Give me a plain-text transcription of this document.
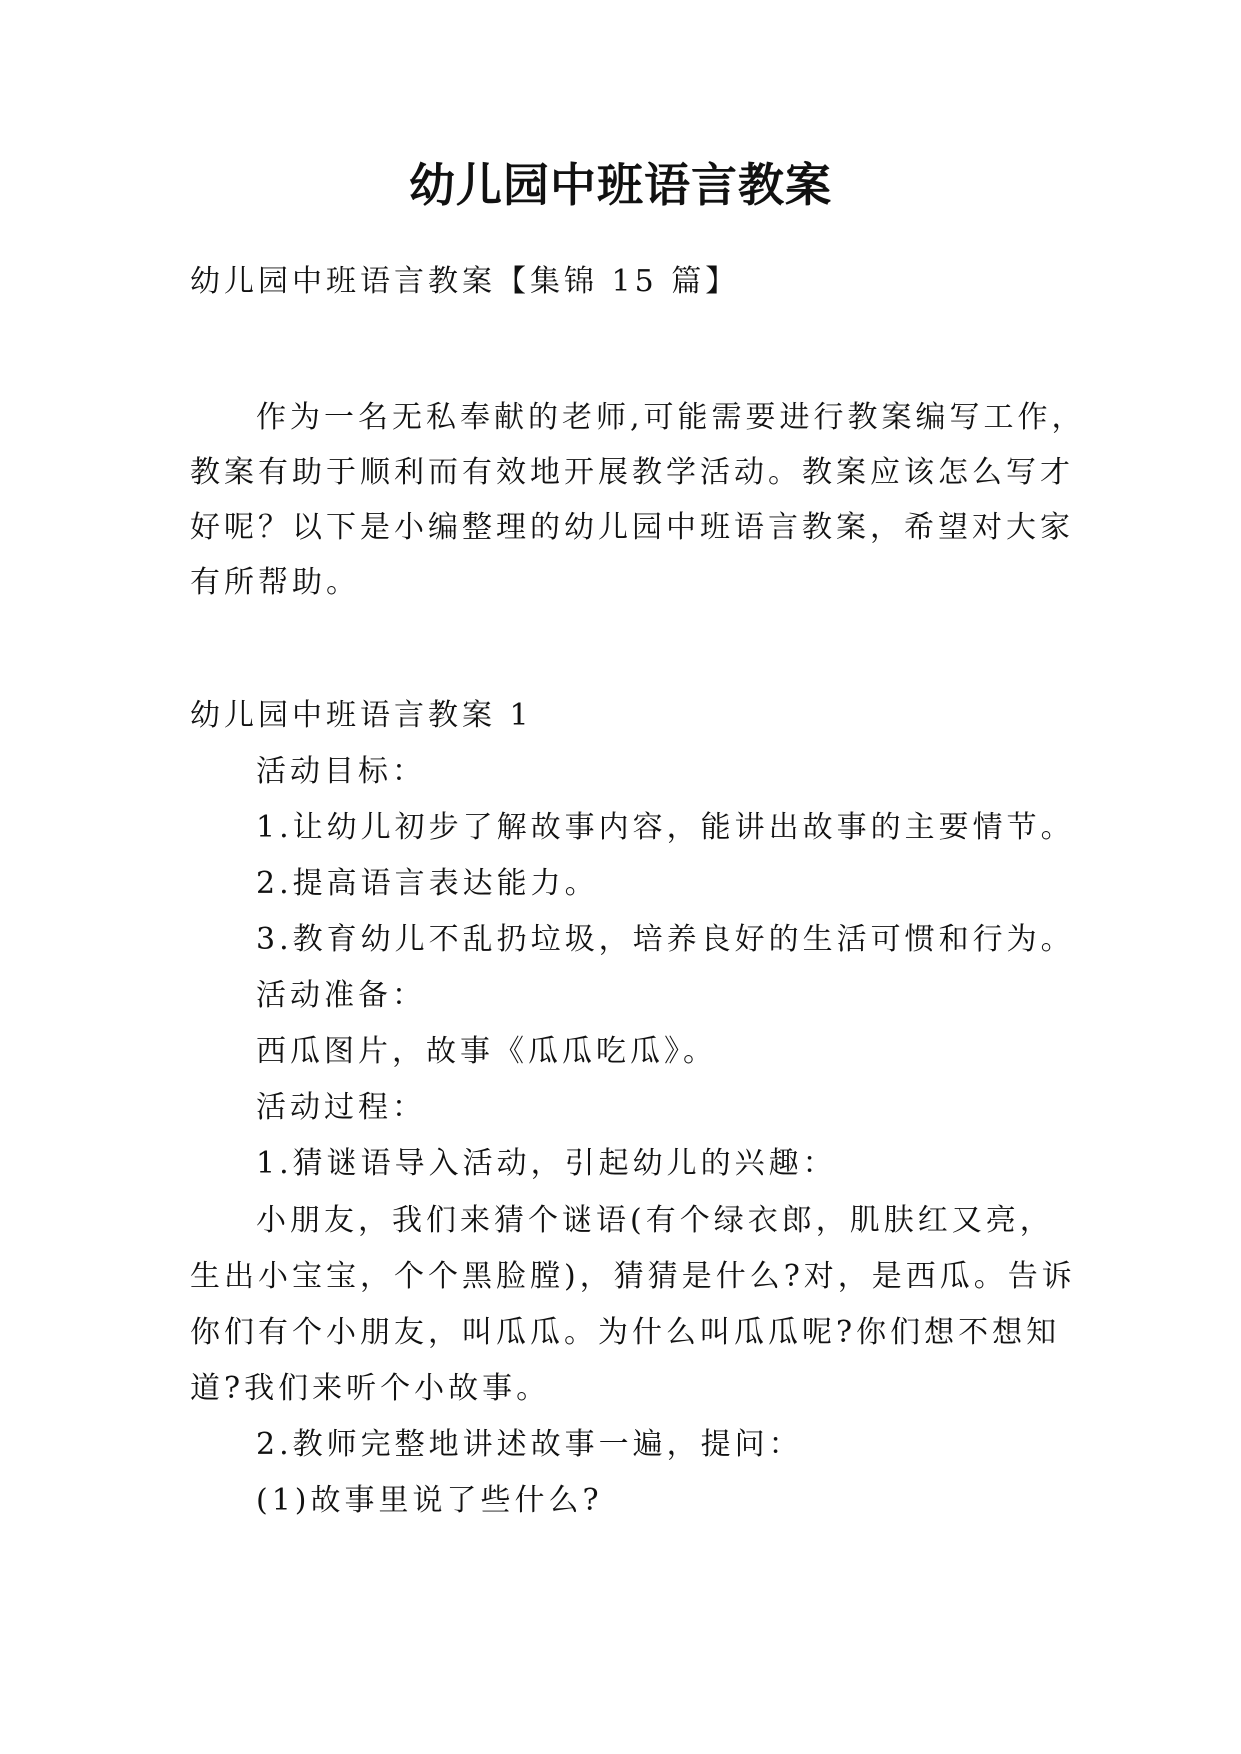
幼儿园中班语言教案

幼儿园中班语言教案【集锦 15 篇】

作为一名无私奉献的老师,可能需要进行教案编写工作，

教案有助于顺利而有效地开展教学活动。教案应该怎么写才

好呢？以下是小编整理的幼儿园中班语言教案，希望对大家

有所帮助。

幼儿园中班语言教案 1

活动目标：

1.让幼儿初步了解故事内容，能讲出故事的主要情节。

2.提高语言表达能力。

3.教育幼儿不乱扔垃圾，培养良好的生活可惯和行为。

活动准备：

西瓜图片，故事《瓜瓜吃瓜》。

活动过程：

1.猜谜语导入活动，引起幼儿的兴趣：

小朋友，我们来猜个谜语(有个绿衣郎，肌肤红又亮，

生出小宝宝，个个黑脸膛)，猜猜是什么?对，是西瓜。告诉

你们有个小朋友，叫瓜瓜。为什么叫瓜瓜呢?你们想不想知

道?我们来听个小故事。

2.教师完整地讲述故事一遍，提问：

(1)故事里说了些什么?
